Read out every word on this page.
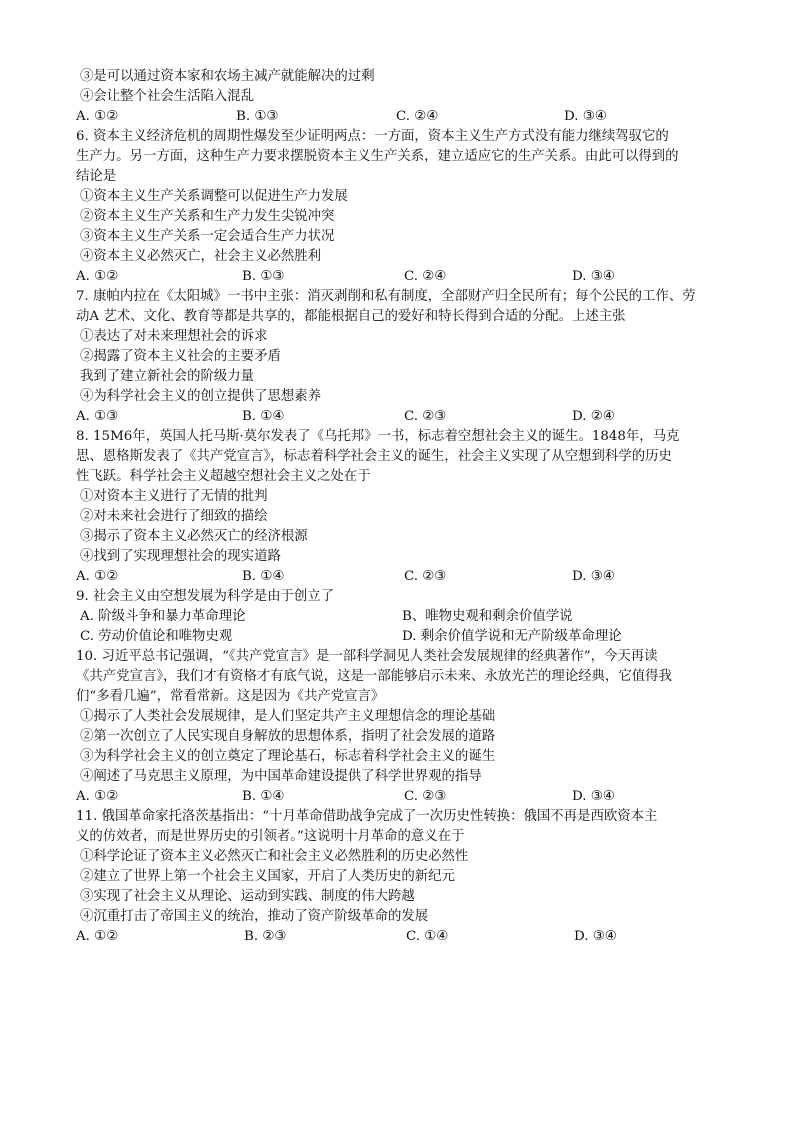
③是可以通过资本家和农场主减产就能解决的过剩
④会让整个社会生活陷入混乱
A. ①②	B. ①③	C. ②④	D. ③④
6. 资本主义经济危机的周期性爆发至少证明两点：一方面，资本主义生产方式没有能力继续驾驭它的
生产力。另一方面，这种生产力要求摆脱资本主义生产关系，建立适应它的生产关系。由此可以得到的
结论是
①资本主义生产关系调整可以促进生产力发展
②资本主义生产关系和生产力发生尖锐冲突
③资本主义生产关系一定会适合生产力状况
④资本主义必然灭亡，社会主义必然胜利
A. ①②	B. ①③	C. ②④	D. ③④
7. 康帕内拉在《太阳城》一书中主张：消灭剥削和私有制度，全部财产归全民所有；每个公民的工作、劳
动A 艺术、文化、教育等都是共享的，都能根据自己的爱好和特长得到合适的分配。上述主张
①表达了对未来理想社会的诉求
②揭露了资本主义社会的主要矛盾
我到了建立新社会的阶级力量
④为科学社会主义的创立提供了思想素养
A. ①③	B. ①④	C. ②③	D. ②④
8. 15M6年，英国人托马斯·莫尔发表了《乌托邦》一书，标志着空想社会主义的诞生。1848年，马克
思、恩格斯发表了《共产党宣言》，标志着科学社会主义的诞生，社会主义实现了从空想到科学的历史
性飞跃。科学社会主义超越空想社会主义之处在于
①对资本主义进行了无情的批判
②对未来社会进行了细致的描绘
③揭示了资本主义必然灭亡的经济根源
④找到了实现理想社会的现实道路
A. ①②	B. ①④	C. ②③	D. ③④
9. 社会主义由空想发展为科学是由于创立了
A. 阶级斗争和暴力革命理论	B、唯物史观和剩余价值学说
C. 劳动价值论和唯物史观	D. 剩余价值学说和无产阶级革命理论
10. 习近平总书记强调，“《共产党宣言》是一部科学洞见人类社会发展规律的经典著作”，今天再读
《共产党宣言》，我们才有资格才有底气说，这是一部能够启示未来、永放光芒的理论经典，它值得我
们“多看几遍”，常看常新。这是因为《共产党宣言》
①揭示了人类社会发展规律，是人们坚定共产主义理想信念的理论基础
②第一次创立了人民实现自身解放的思想体系，指明了社会发展的道路
③为科学社会主义的创立奠定了理论基石，标志着科学社会主义的诞生
④阐述了马克思主义原理，为中国革命建设提供了科学世界观的指导
A. ①②	B. ①④	C. ②③	D. ③④
11. 俄国革命家托洛茨基指出：“十月革命借助战争完成了一次历史性转换：俄国不再是西欧资本主
义的仿效者，而是世界历史的引领者。”这说明十月革命的意义在于
①科学论证了资本主义必然灭亡和社会主义必然胜利的历史必然性
②建立了世界上第一个社会主义国家，开启了人类历史的新纪元
③实现了社会主义从理论、运动到实践、制度的伟大跨越
④沉重打击了帝国主义的统治，推动了资产阶级革命的发展
A. ①②	B. ②③	C. ①④	D. ③④
